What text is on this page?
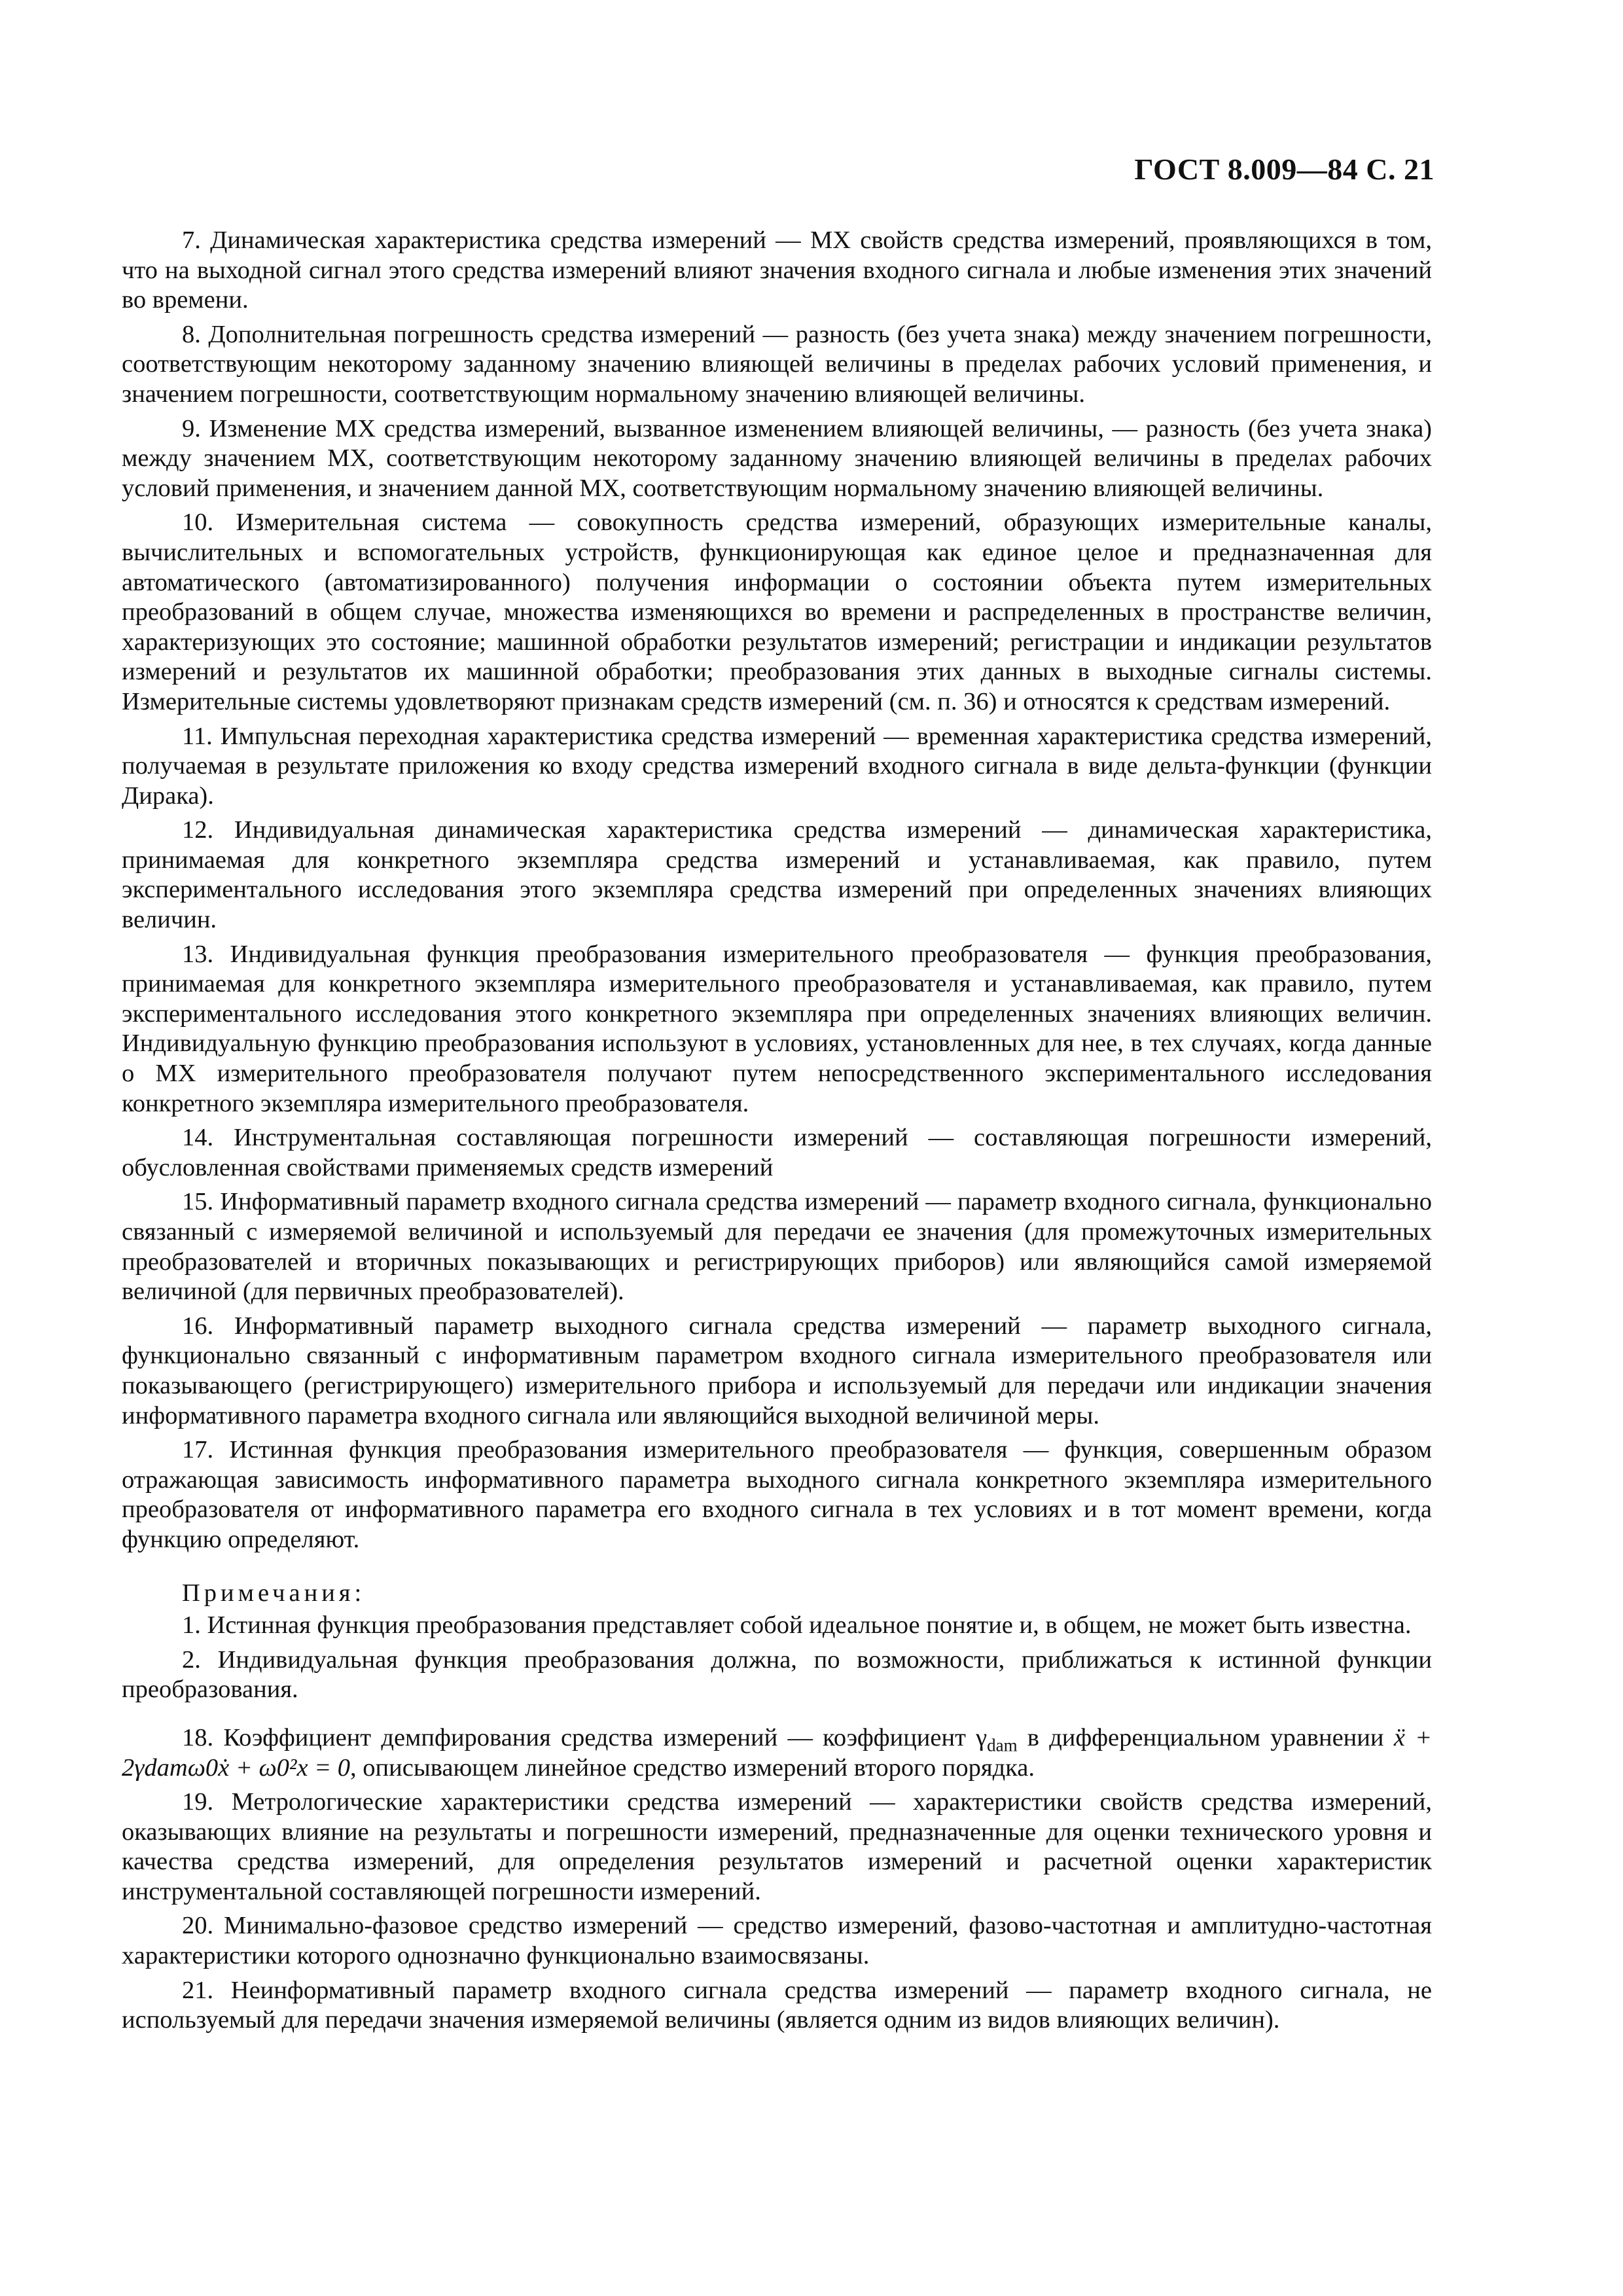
ГОСТ 8.009—84 С. 21

7. Динамическая характеристика средства измерений — МХ свойств средства измерений, проявляющихся в том, что на выходной сигнал этого средства измерений влияют значения входного сигнала и любые изменения этих значений во времени.

8. Дополнительная погрешность средства измерений — разность (без учета знака) между значением погрешности, соответствующим некоторому заданному значению влияющей величины в пределах рабочих условий применения, и значением погрешности, соответствующим нормальному значению влияющей величины.

9. Изменение МХ средства измерений, вызванное изменением влияющей величины, — разность (без учета знака) между значением МХ, соответствующим некоторому заданному значению влияющей величины в пределах рабочих условий применения, и значением данной МХ, соответствующим нормальному значению влияющей величины.

10. Измерительная система — совокупность средства измерений, образующих измерительные каналы, вычислительных и вспомогательных устройств, функционирующая как единое целое и предназначенная для автоматического (автоматизированного) получения информации о состоянии объекта путем измерительных преобразований в общем случае, множества изменяющихся во времени и распределенных в пространстве величин, характеризующих это состояние; машинной обработки результатов измерений; регистрации и индикации результатов измерений и результатов их машинной обработки; преобразования этих данных в выходные сигналы системы. Измерительные системы удовлетворяют признакам средств измерений (см. п. 36) и относятся к средствам измерений.

11. Импульсная переходная характеристика средства измерений — временная характеристика средства измерений, получаемая в результате приложения ко входу средства измерений входного сигнала в виде дельта-функции (функции Дирака).

12. Индивидуальная динамическая характеристика средства измерений — динамическая характеристика, принимаемая для конкретного экземпляра средства измерений и устанавливаемая, как правило, путем экспериментального исследования этого экземпляра средства измерений при определенных значениях влияющих величин.

13. Индивидуальная функция преобразования измерительного преобразователя — функция преобразования, принимаемая для конкретного экземпляра измерительного преобразователя и устанавливаемая, как правило, путем экспериментального исследования этого конкретного экземпляра при определенных значениях влияющих величин. Индивидуальную функцию преобразования используют в условиях, установленных для нее, в тех случаях, когда данные о МХ измерительного преобразователя получают путем непосредственного экспериментального исследования конкретного экземпляра измерительного преобразователя.

14. Инструментальная составляющая погрешности измерений — составляющая погрешности измерений, обусловленная свойствами применяемых средств измерений

15. Информативный параметр входного сигнала средства измерений — параметр входного сигнала, функционально связанный с измеряемой величиной и используемый для передачи ее значения (для промежуточных измерительных преобразователей и вторичных показывающих и регистрирующих приборов) или являющийся самой измеряемой величиной (для первичных преобразователей).

16. Информативный параметр выходного сигнала средства измерений — параметр выходного сигнала, функционально связанный с информативным параметром входного сигнала измерительного преобразователя или показывающего (регистрирующего) измерительного прибора и используемый для передачи или индикации значения информативного параметра входного сигнала или являющийся выходной величиной меры.

17. Истинная функция преобразования измерительного преобразователя — функция, совершенным образом отражающая зависимость информативного параметра выходного сигнала конкретного экземпляра измерительного преобразователя от информативного параметра его входного сигнала в тех условиях и в тот момент времени, когда функцию определяют.

Примечания:

1. Истинная функция преобразования представляет собой идеальное понятие и, в общем, не может быть известна.

2. Индивидуальная функция преобразования должна, по возможности, приближаться к истинной функции преобразования.

18. Коэффициент демпфирования средства измерений — коэффициент $\gamma_{dam}$ в дифференциальном уравнении ẍ + 2γdamω0ẋ + ω0²x = 0, описывающем линейное средство измерений второго порядка.

19. Метрологические характеристики средства измерений — характеристики свойств средства измерений, оказывающих влияние на результаты и погрешности измерений, предназначенные для оценки технического уровня и качества средства измерений, для определения результатов измерений и расчетной оценки характеристик инструментальной составляющей погрешности измерений.

20. Минимально-фазовое средство измерений — средство измерений, фазово-частотная и амплитудно-частотная характеристики которого однозначно функционально взаимосвязаны.

21. Неинформативный параметр входного сигнала средства измерений — параметр входного сигнала, не используемый для передачи значения измеряемой величины (является одним из видов влияющих величин).
